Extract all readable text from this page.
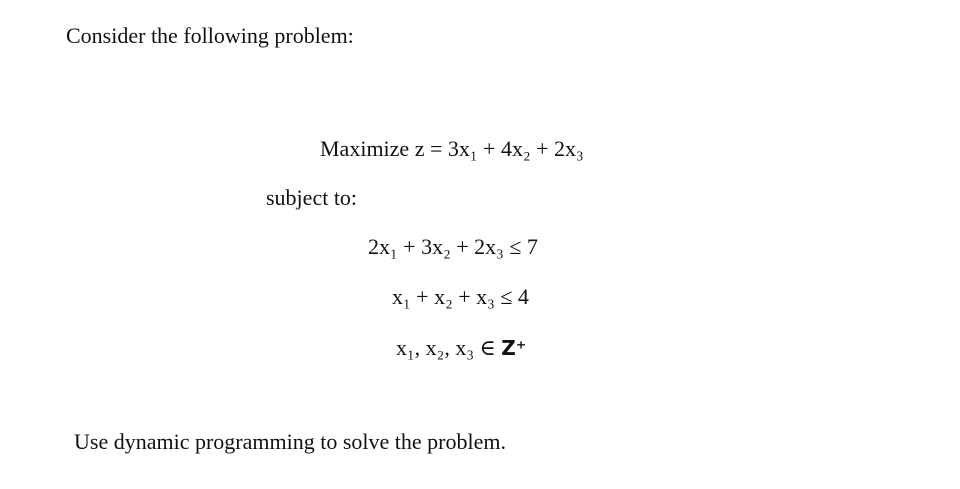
Consider the following problem:
Maximize z = 3x₁ + 4x₂ + 2x₃
subject to:
2x₁ + 3x₂ + 2x₃ ≤ 7
x₁ + x₂ + x₃ ≤ 4
x₁, x₂, x₃ ∈ Z⁺
Use dynamic programming to solve the problem.
